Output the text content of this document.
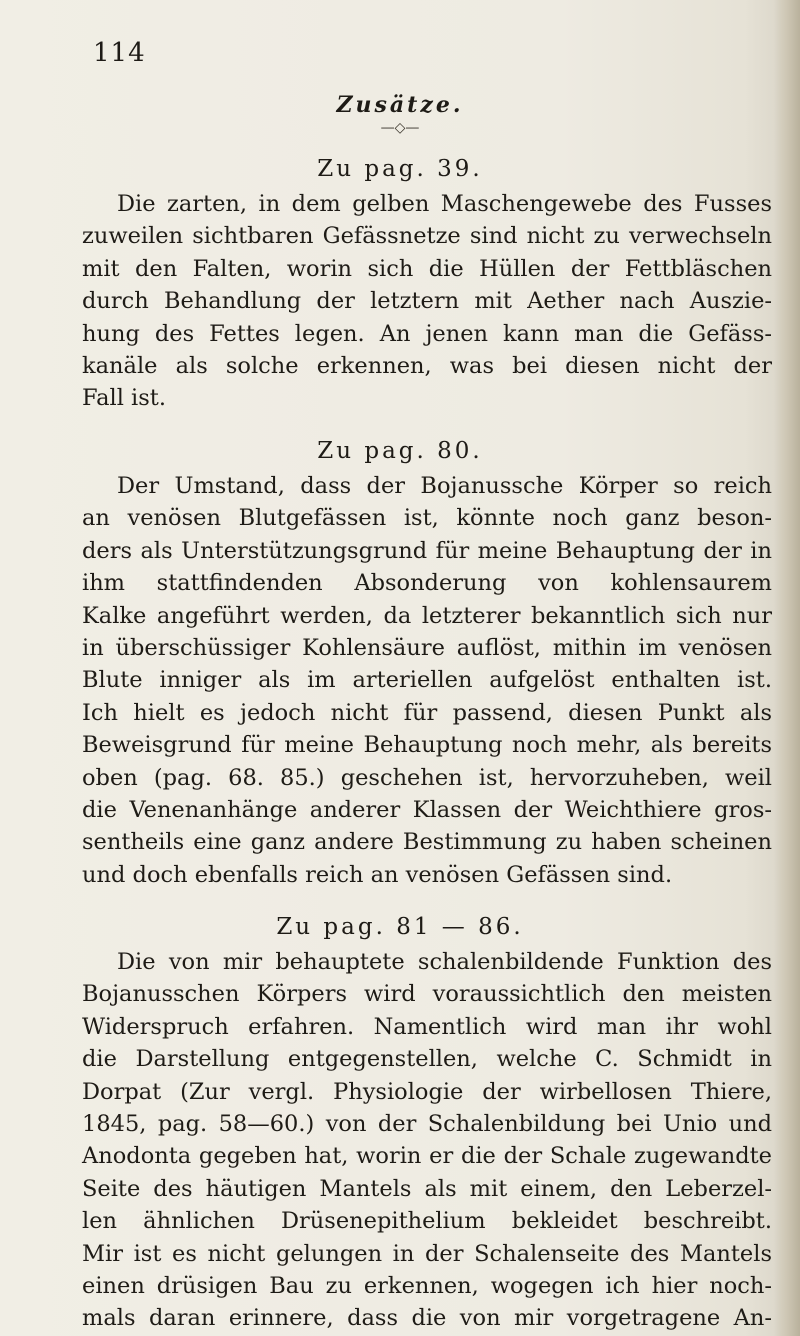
114
Zusätze.
—◇—
Zu pag. 39.
Die zarten, in dem gelben Maschengewebe des Fusses
zuweilen sichtbaren Gefässnetze sind nicht zu verwechseln
mit den Falten, worin sich die Hüllen der Fettbläschen
durch Behandlung der letztern mit Aether nach Auszie-
hung des Fettes legen. An jenen kann man die Gefäss-
kanäle als solche erkennen, was bei diesen nicht der
Fall ist.
Zu pag. 80.
Der Umstand, dass der Bojanussche Körper so reich
an venösen Blutgefässen ist, könnte noch ganz beson-
ders als Unterstützungsgrund für meine Behauptung der in
ihm stattfindenden Absonderung von kohlensaurem
Kalke angeführt werden, da letzterer bekanntlich sich nur
in überschüssiger Kohlensäure auflöst, mithin im venösen
Blute inniger als im arteriellen aufgelöst enthalten ist.
Ich hielt es jedoch nicht für passend, diesen Punkt als
Beweisgrund für meine Behauptung noch mehr, als bereits
oben (pag. 68. 85.) geschehen ist, hervorzuheben, weil
die Venenanhänge anderer Klassen der Weichthiere gros-
sentheils eine ganz andere Bestimmung zu haben scheinen
und doch ebenfalls reich an venösen Gefässen sind.
Zu pag. 81 — 86.
Die von mir behauptete schalenbildende Funktion des
Bojanusschen Körpers wird voraussichtlich den meisten
Widerspruch erfahren. Namentlich wird man ihr wohl
die Darstellung entgegenstellen, welche C. Schmidt in
Dorpat (Zur vergl. Physiologie der wirbellosen Thiere,
1845, pag. 58—60.) von der Schalenbildung bei Unio und
Anodonta gegeben hat, worin er die der Schale zugewandte
Seite des häutigen Mantels als mit einem, den Leberzel-
len ähnlichen Drüsenepithelium bekleidet beschreibt.
Mir ist es nicht gelungen in der Schalenseite des Mantels
einen drüsigen Bau zu erkennen, wogegen ich hier noch-
mals daran erinnere, dass die von mir vorgetragene An-
